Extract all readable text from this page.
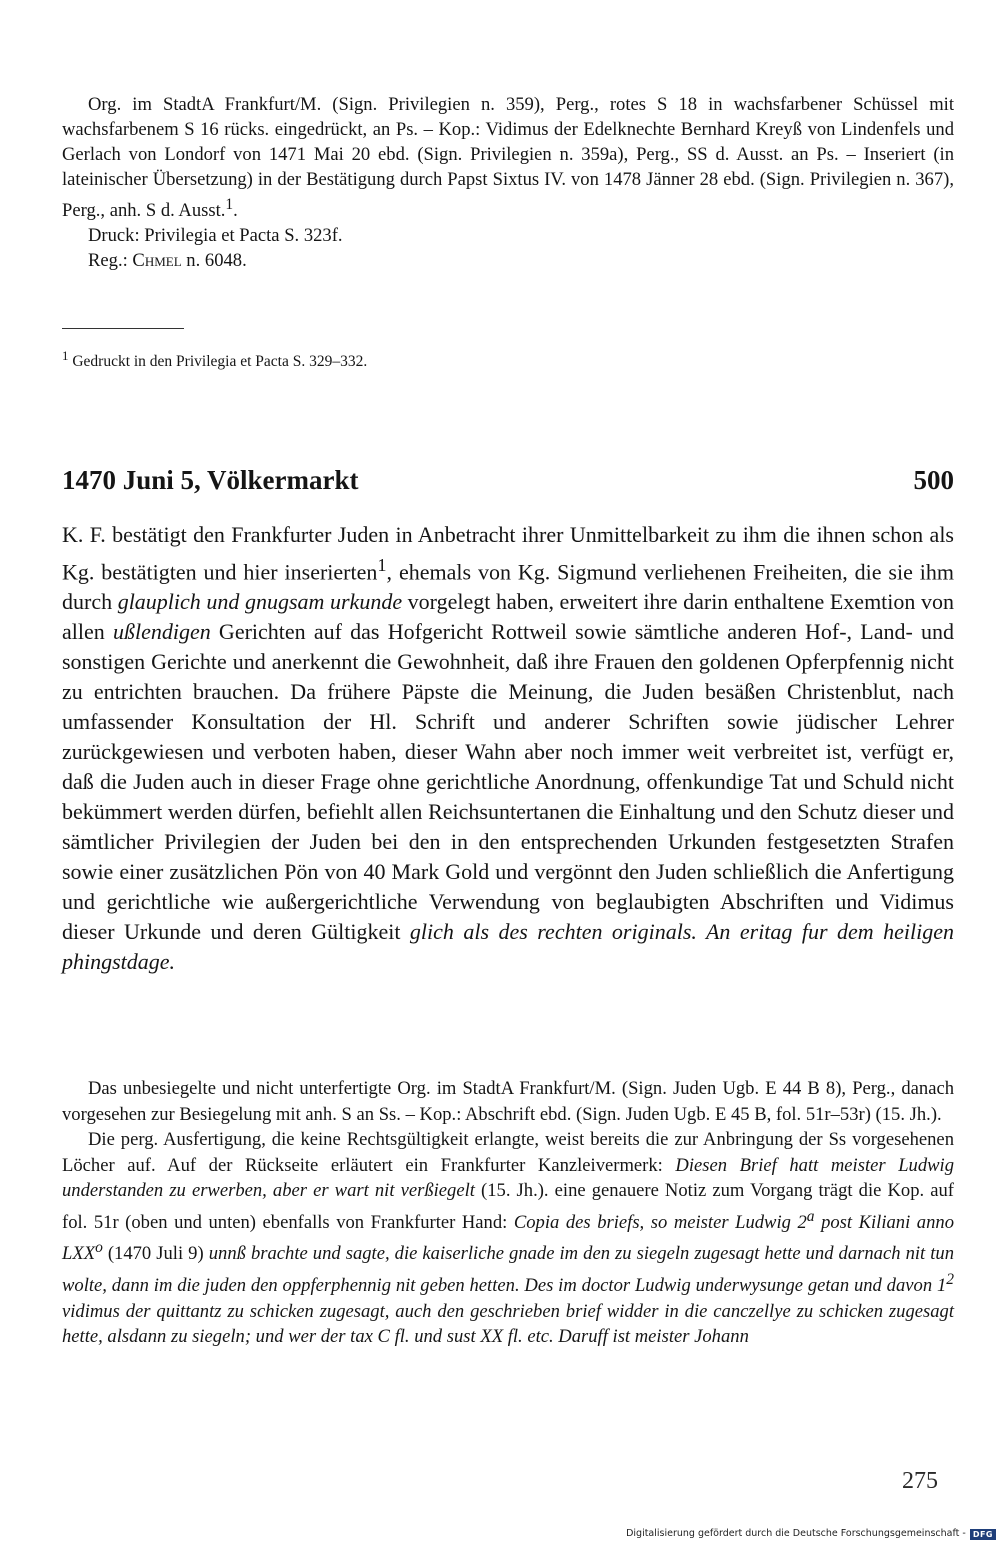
Org. im StadtA Frankfurt/M. (Sign. Privilegien n. 359), Perg., rotes S 18 in wachsfarbener Schüssel mit wachsfarbenem S 16 rücks. eingedrückt, an Ps. – Kop.: Vidimus der Edelknechte Bernhard Kreyß von Lindenfels und Gerlach von Londorf von 1471 Mai 20 ebd. (Sign. Privilegien n. 359a), Perg., SS d. Ausst. an Ps. – Inseriert (in lateinischer Übersetzung) in der Bestätigung durch Papst Sixtus IV. von 1478 Jänner 28 ebd. (Sign. Privilegien n. 367), Perg., anh. S d. Ausst.$^1$.

Druck: Privilegia et Pacta S. 323f.

Reg.: Chmel n. 6048.

$^1$ Gedruckt in den Privilegia et Pacta S. 329–332.

1470 Juni 5, Völkermarkt	500

K. F. bestätigt den Frankfurter Juden in Anbetracht ihrer Unmittelbarkeit zu ihm die ihnen schon als Kg. bestätigten und hier inserierten$^1$, ehemals von Kg. Sigmund verliehenen Freiheiten, die sie ihm durch glauplich und gnugsam urkunde vorgelegt haben, erweitert ihre darin enthaltene Exemtion von allen ußlendigen Gerichten auf das Hofgericht Rottweil sowie sämtliche anderen Hof-, Land- und sonstigen Gerichte und anerkennt die Gewohnheit, daß ihre Frauen den goldenen Opferpfennig nicht zu entrichten brauchen. Da frühere Päpste die Meinung, die Juden besäßen Christenblut, nach umfassender Konsultation der Hl. Schrift und anderer Schriften sowie jüdischer Lehrer zurückgewiesen und verboten haben, dieser Wahn aber noch immer weit verbreitet ist, verfügt er, daß die Juden auch in dieser Frage ohne gerichtliche Anordnung, offenkundige Tat und Schuld nicht bekümmert werden dürfen, befiehlt allen Reichsuntertanen die Einhaltung und den Schutz dieser und sämtlicher Privilegien der Juden bei den in den entsprechenden Urkunden festgesetzten Strafen sowie einer zusätzlichen Pön von 40 Mark Gold und vergönnt den Juden schließlich die Anfertigung und gerichtliche wie außergerichtliche Verwendung von beglaubigten Abschriften und Vidimus dieser Urkunde und deren Gültigkeit glich als des rechten originals. An eritag fur dem heiligen phingstdage.

Das unbesiegelte und nicht unterfertigte Org. im StadtA Frankfurt/M. (Sign. Juden Ugb. E 44 B 8), Perg., danach vorgesehen zur Besiegelung mit anh. S an Ss. – Kop.: Abschrift ebd. (Sign. Juden Ugb. E 45 B, fol. 51r–53r) (15. Jh.).

Die perg. Ausfertigung, die keine Rechtsgültigkeit erlangte, weist bereits die zur Anbringung der Ss vorgesehenen Löcher auf. Auf der Rückseite erläutert ein Frankfurter Kanzleivermerk: Diesen Brief hatt meister Ludwig understanden zu erwerben, aber er wart nit verßiegelt (15. Jh.). eine genauere Notiz zum Vorgang trägt die Kop. auf fol. 51r (oben und unten) ebenfalls von Frankfurter Hand: Copia des briefs, so meister Ludwig 2$^a$ post Kiliani anno LXX$^o$ (1470 Juli 9) unnß brachte und sagte, die kaiserliche gnade im den zu siegeln zugesagt hette und darnach nit tun wolte, dann im die juden den oppferphennig nit geben hetten. Des im doctor Ludwig underwysunge getan und davon $1^2$ vidimus der quittantz zu schicken zugesagt, auch den geschrieben brief widder in die canczellye zu schicken zugesagt hette, alsdann zu siegeln; und wer der tax C fl. und sust XX fl. etc. Daruff ist meister Johann

275
Digitalisierung gefördert durch die Deutsche Forschungsgemeinschaft - DFG
